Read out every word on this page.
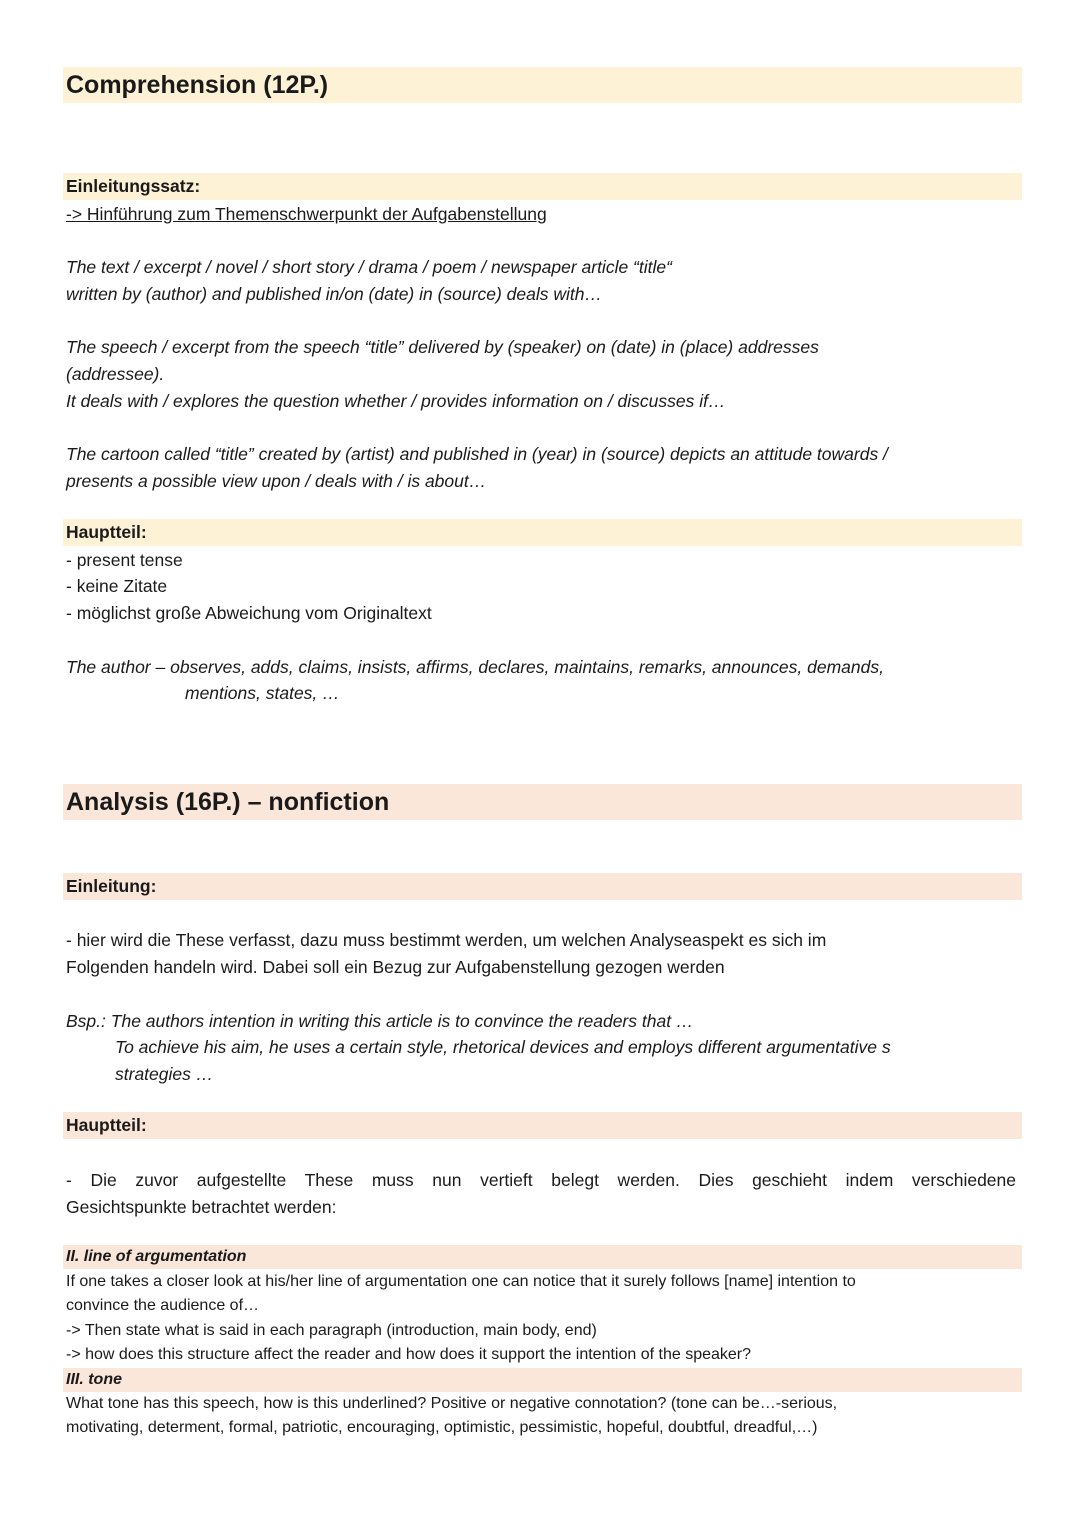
Comprehension (12P.)
Einleitungssatz:
-> Hinführung zum Themenschwerpunkt der Aufgabenstellung
The text / excerpt / novel / short story / drama / poem / newspaper article “title“
written by (author) and published in/on (date) in (source) deals with…
The speech / excerpt from the speech “title” delivered by (speaker) on (date) in (place) addresses
(addressee).
It deals with / explores the question whether / provides information on / discusses if…
The cartoon called “title” created by (artist) and published in (year) in (source) depicts an attitude towards /
presents a possible view upon / deals with / is about…
Hauptteil:
- present tense
- keine Zitate
- möglichst große Abweichung vom Originaltext
The author – observes, adds, claims, insists, affirms, declares, maintains, remarks, announces, demands,
mentions, states, …
Analysis (16P.) – nonfiction
Einleitung:
- hier wird die These verfasst, dazu muss bestimmt werden, um welchen Analyseaspekt es sich im
Folgenden handeln wird. Dabei soll ein Bezug zur Aufgabenstellung gezogen werden
Bsp.: The authors intention in writing this article is to convince the readers that …
To achieve his aim, he uses a certain style, rhetorical devices and employs different argumentative s
strategies …
Hauptteil:
- Die zuvor aufgestellte These muss nun vertieft belegt werden. Dies geschieht indem verschiedene
Gesichtspunkte betrachtet werden:
II. line of argumentation
If one takes a closer look at his/her line of argumentation one can notice that it surely follows [name] intention to
convince the audience of…
-> Then state what is said in each paragraph (introduction, main body, end)
-> how does this structure affect the reader and how does it support the intention of the speaker?
III. tone
What tone has this speech, how is this underlined? Positive or negative connotation? (tone can be…-serious,
motivating, determent, formal, patriotic, encouraging, optimistic, pessimistic, hopeful, doubtful, dreadful,…)
